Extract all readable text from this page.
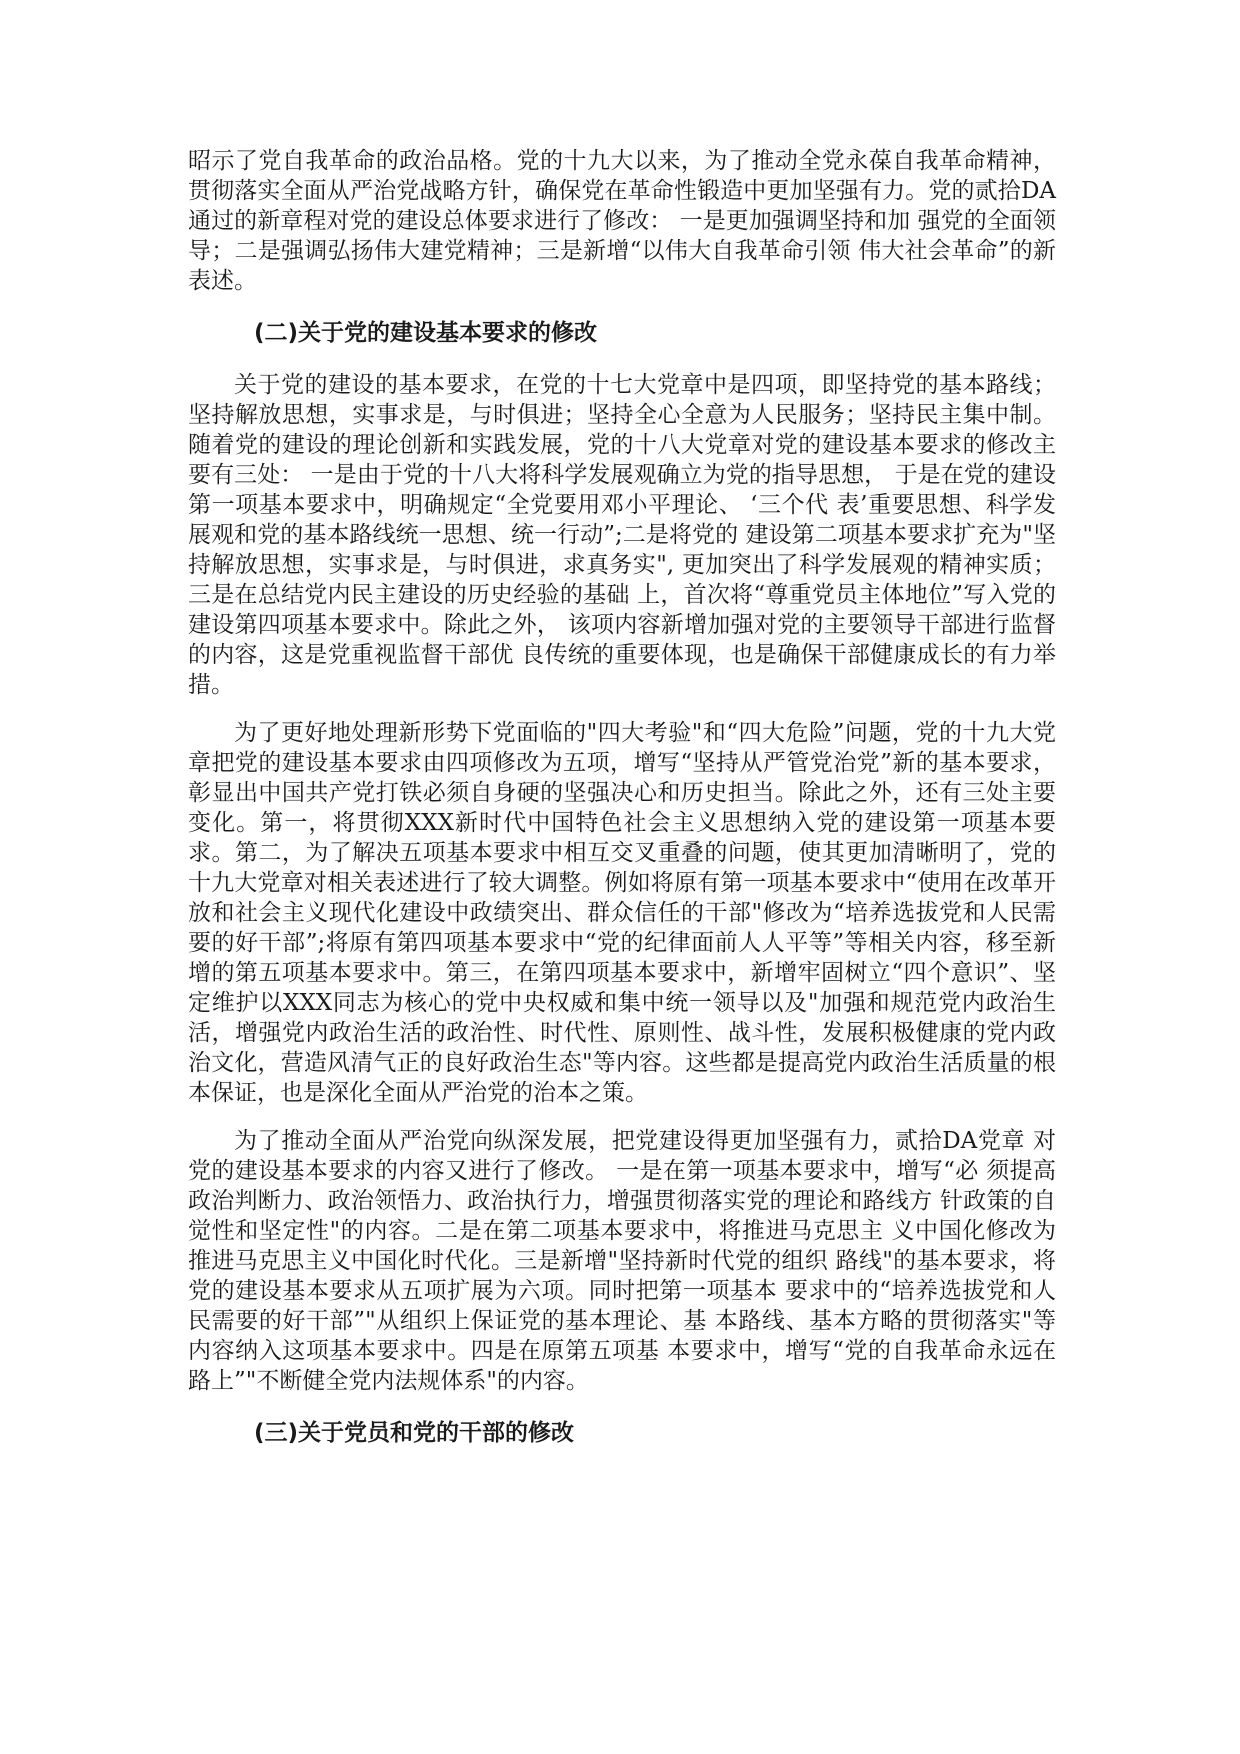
昭示了党自我革命的政治品格。党的十九大以来，为了推动全党永葆自我革命精神，贯彻落实全面从严治党战略方针，确保党在革命性锻造中更加坚强有力。党的贰拾DA通过的新章程对党的建设总体要求进行了修改： 一是更加强调坚持和加 强党的全面领导；二是强调弘扬伟大建党精神；三是新增“以伟大自我革命引领 伟大社会革命”的新表述。

(二)关于党的建设基本要求的修改

关于党的建设的基本要求，在党的十七大党章中是四项，即坚持党的基本路线；坚持解放思想，实事求是，与时俱进；坚持全心全意为人民服务；坚持民主集中制。随着党的建设的理论创新和实践发展，党的十八大党章对党的建设基本要求的修改主要有三处： 一是由于党的十八大将科学发展观确立为党的指导思想， 于是在党的建设第一项基本要求中，明确规定“全党要用邓小平理论、 ‘三个代 表’重要思想、科学发展观和党的基本路线统一思想、统一行动”;二是将党的 建设第二项基本要求扩充为"坚持解放思想，实事求是，与时俱进，求真务实", 更加突出了科学发展观的精神实质；三是在总结党内民主建设的历史经验的基础 上，首次将“尊重党员主体地位”写入党的建设第四项基本要求中。除此之外， 该项内容新增加强对党的主要领导干部进行监督的内容，这是党重视监督干部优 良传统的重要体现，也是确保干部健康成长的有力举措。

为了更好地处理新形势下党面临的"四大考验"和“四大危险”问题，党的十九大党章把党的建设基本要求由四项修改为五项，增写“坚持从严管党治党”新的基本要求，彰显出中国共产党打铁必须自身硬的坚强决心和历史担当。除此之外，还有三处主要变化。第一，将贯彻XXX新时代中国特色社会主义思想纳入党的建设第一项基本要求。第二，为了解决五项基本要求中相互交叉重叠的问题，使其更加清晰明了，党的十九大党章对相关表述进行了较大调整。例如将原有第一项基本要求中“使用在改革开放和社会主义现代化建设中政绩突出、群众信任的干部"修改为“培养选拔党和人民需要的好干部”;将原有第四项基本要求中“党的纪律面前人人平等”等相关内容，移至新增的第五项基本要求中。第三，在第四项基本要求中，新增牢固树立“四个意识”、坚定维护以XXX同志为核心的党中央权威和集中统一领导以及"加强和规范党内政治生活，增强党内政治生活的政治性、时代性、原则性、战斗性，发展积极健康的党内政治文化，营造风清气正的良好政治生态"等内容。这些都是提高党内政治生活质量的根本保证，也是深化全面从严治党的治本之策。

为了推动全面从严治党向纵深发展，把党建设得更加坚强有力，贰拾DA党章 对党的建设基本要求的内容又进行了修改。 一是在第一项基本要求中，增写“必 须提高政治判断力、政治领悟力、政治执行力，增强贯彻落实党的理论和路线方 针政策的自觉性和坚定性"的内容。二是在第二项基本要求中，将推进马克思主 义中国化修改为推进马克思主义中国化时代化。三是新增"坚持新时代党的组织 路线"的基本要求，将党的建设基本要求从五项扩展为六项。同时把第一项基本 要求中的“培养选拔党和人民需要的好干部”"从组织上保证党的基本理论、基 本路线、基本方略的贯彻落实"等内容纳入这项基本要求中。四是在原第五项基 本要求中，增写“党的自我革命永远在路上”"不断健全党内法规体系"的内容。

(三)关于党员和党的干部的修改
